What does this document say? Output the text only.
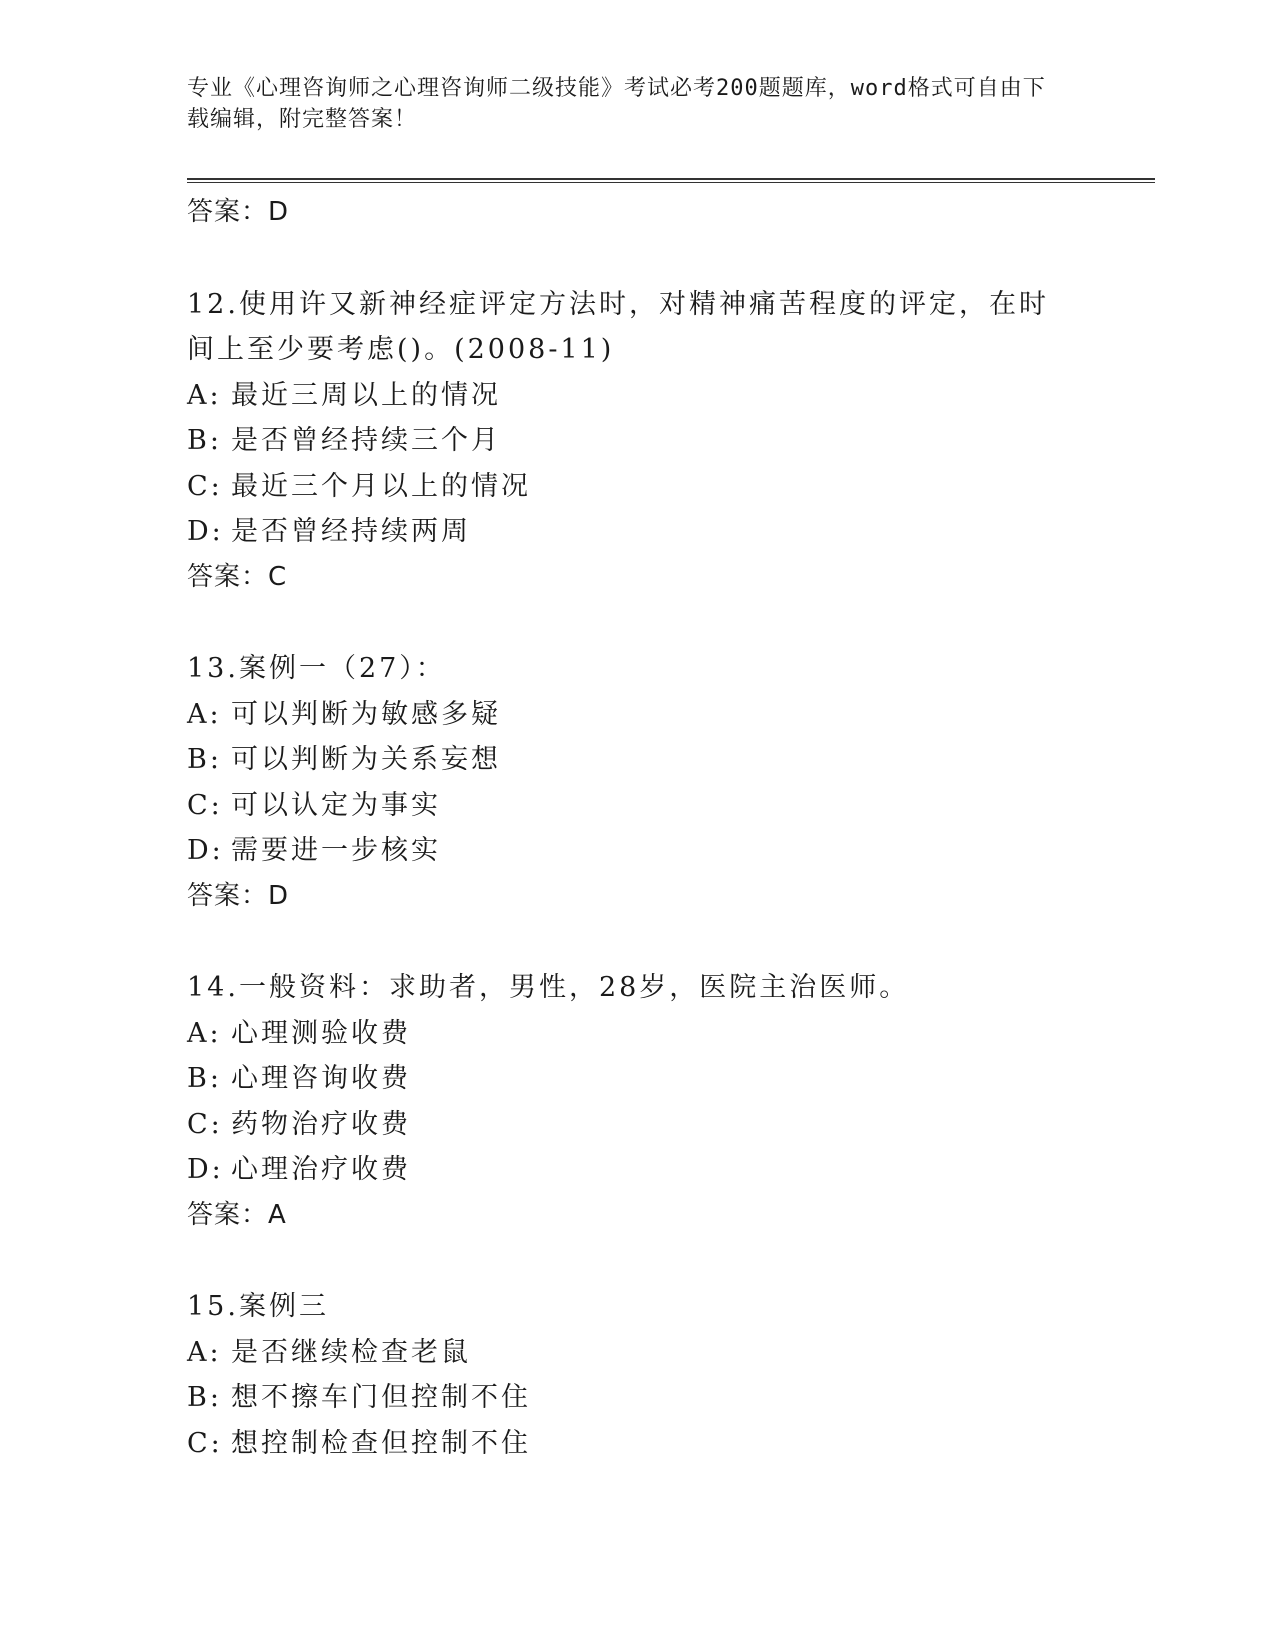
专业《心理咨询师之心理咨询师二级技能》考试必考200题题库，word格式可自由下载编辑，附完整答案！
答案：D
12.使用许又新神经症评定方法时，对精神痛苦程度的评定，在时间上至少要考虑()。(2008-11)
A: 最近三周以上的情况
B: 是否曾经持续三个月
C: 最近三个月以上的情况
D: 是否曾经持续两周
答案：C
13.案例一（27）：
A: 可以判断为敏感多疑
B: 可以判断为关系妄想
C: 可以认定为事实
D: 需要进一步核实
答案：D
14.一般资料：求助者，男性，28岁，医院主治医师。
A: 心理测验收费
B: 心理咨询收费
C: 药物治疗收费
D: 心理治疗收费
答案：A
15.案例三
A: 是否继续检查老鼠
B: 想不擦车门但控制不住
C: 想控制检查但控制不住
